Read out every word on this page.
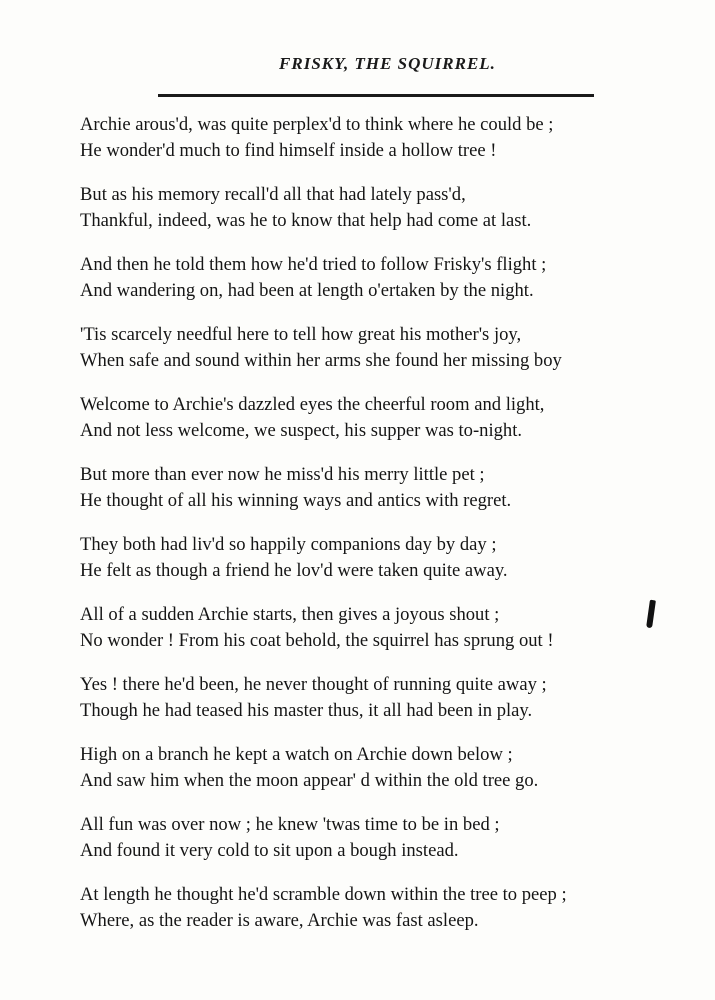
FRISKY, THE SQUIRREL.
Archie arous'd, was quite perplex'd to think where he could be ;
He wonder'd much to find himself inside a hollow tree !
But as his memory recall'd all that had lately pass'd,
Thankful, indeed, was he to know that help had come at last.
And then he told them how he'd tried to follow Frisky's flight ;
And wandering on, had been at length o'ertaken by the night.
'Tis scarcely needful here to tell how great his mother's joy,
When safe and sound within her arms she found her missing boy
Welcome to Archie's dazzled eyes the cheerful room and light,
And not less welcome, we suspect, his supper was to-night.
But more than ever now he miss'd his merry little pet ;
He thought of all his winning ways and antics with regret.
They both had liv'd so happily companions day by day ;
He felt as though a friend he lov'd were taken quite away.
All of a sudden Archie starts, then gives a joyous shout ;
No wonder ! From his coat behold, the squirrel has sprung out !
Yes ! there he'd been, he never thought of running quite away ;
Though he had teased his master thus, it all had been in play.
High on a branch he kept a watch on Archie down below ;
And saw him when the moon appear' d within the old tree go.
All fun was over now ; he knew 'twas time to be in bed ;
And found it very cold to sit upon a bough instead.
At length he thought he'd scramble down within the tree to peep ;
Where, as the reader is aware, Archie was fast asleep.
